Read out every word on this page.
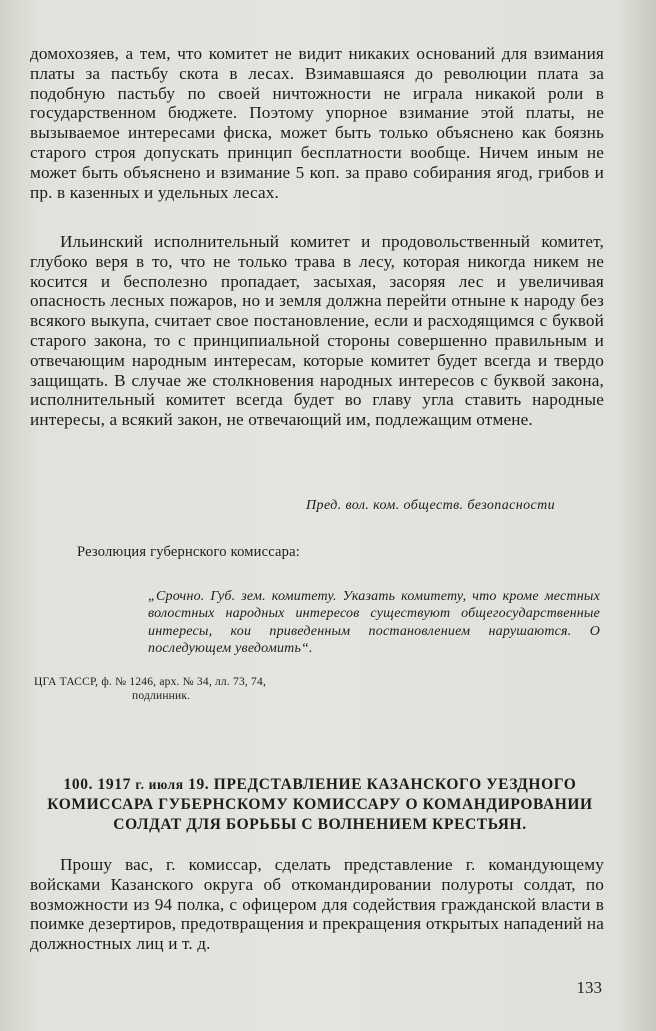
домохозяев, а тем, что комитет не видит никаких оснований для взимания платы за пастьбу скота в лесах. Взимавшаяся до революции плата за подобную пастьбу по своей ничтожности не играла никакой роли в государственном бюджете. Поэтому упорное взимание этой платы, не вызываемое интересами фиска, может быть только объяснено как боязнь старого строя допускать принцип бесплатности вообще. Ничем иным не может быть объяснено и взимание 5 коп. за право собирания ягод, грибов и пр. в казенных и удельных лесах.

Ильинский исполнительный комитет и продовольственный комитет, глубоко веря в то, что не только трава в лесу, которая никогда никем не косится и бесполезно пропадает, засыхая, засоряя лес и увеличивая опасность лесных пожаров, но и земля должна перейти отныне к народу без всякого выкупа, считает свое постановление, если и расходящимся с буквой старого закона, то с принципиальной стороны совершенно правильным и отвечающим народным интересам, которые комитет будет всегда и твердо защищать. В случае же столкновения народных интересов с буквой закона, исполнительный комитет всегда будет во главу угла ставить народные интересы, а всякий закон, не отвечающий им, подлежащим отмене.

Пред. вол. ком. обществ. безопасности
Резолюция губернского комиссара:
„Срочно. Губ. зем. комитету. Указать комитету, что кроме местных волостных народных интересов существуют общегосударственные интересы, кои приведенным постановлением нарушаются. О последующем уведомить“.
ЦГА ТАССР, ф. № 1246, арх. № 34, лл. 73, 74,
подлинник.
100. 1917 г. июля 19. ПРЕДСТАВЛЕНИЕ КАЗАНСКОГО УЕЗДНОГО КОМИССАРА ГУБЕРНСКОМУ КОМИССАРУ О КОМАНДИРОВАНИИ СОЛДАТ ДЛЯ БОРЬБЫ С ВОЛНЕНИЕМ КРЕСТЬЯН.

Прошу вас, г. комиссар, сделать представление г. командующему войсками Казанского округа об откомандировании полуроты солдат, по возможности из 94 полка, с офицером для содействия гражданской власти в поимке дезертиров, предотвращения и прекращения открытых нападений на должностных лиц и т. д.

133
